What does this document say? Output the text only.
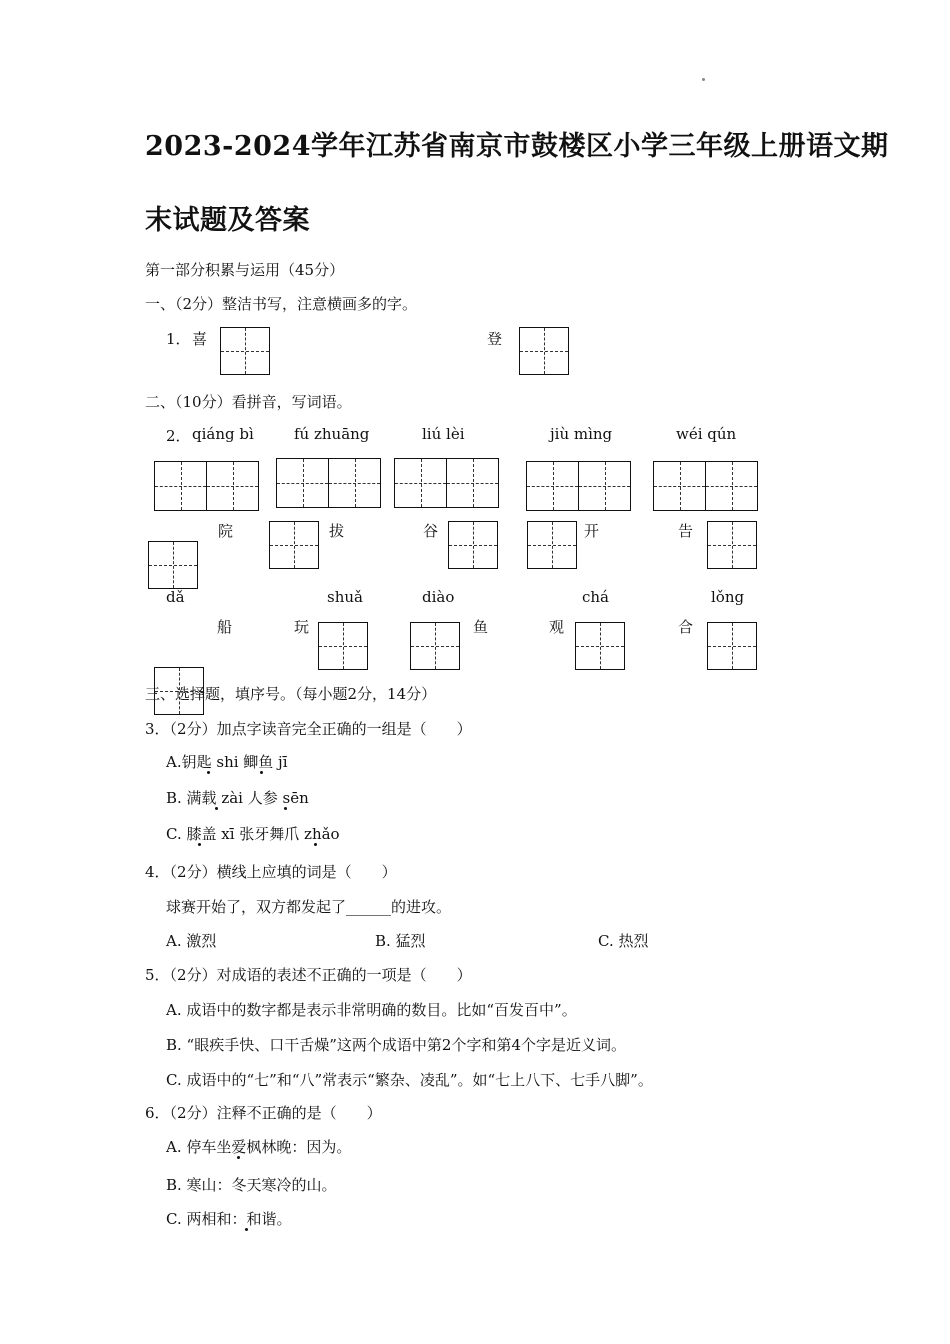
2023-2024学年江苏省南京市鼓楼区小学三年级上册语文期
末试题及答案
第一部分积累与运用（45分）
一、（2分）整洁书写，注意横画多的字。
1． 喜	登
二、（10分）看拼音，写词语。
2． qiáng bì	fú zhuāng	liú lèi	jiù mìng	wéi qún
院	拔	谷	开	告
dǎ	shuǎ	diào	chá	lǒng
船	玩	鱼	观	合
三、选择题，填序号。（每小题2分，14分）
3．（2分）加点字读音完全正确的一组是（　　）
A.钥匙 shi 鲫鱼 jī
B. 满载 zài 人参 sēn
C. 膝盖 xī 张牙舞爪 zhǎo
4．（2分）横线上应填的词是（　　）
球赛开始了，双方都发起了______的进攻。
A. 激烈	B. 猛烈	C. 热烈
5．（2分）对成语的表述不正确的一项是（　　）
A. 成语中的数字都是表示非常明确的数目。比如“百发百中”。
B. “眼疾手快、口干舌燥”这两个成语中第2个字和第4个字是近义词。
C. 成语中的“七”和“八”常表示“繁杂、凌乱”。如“七上八下、七手八脚”。
6．（2分）注释不正确的是（　　）
A. 停车坐爱枫林晚：因为。
B. 寒山：冬天寒冷的山。
C. 两相和：和谐。
